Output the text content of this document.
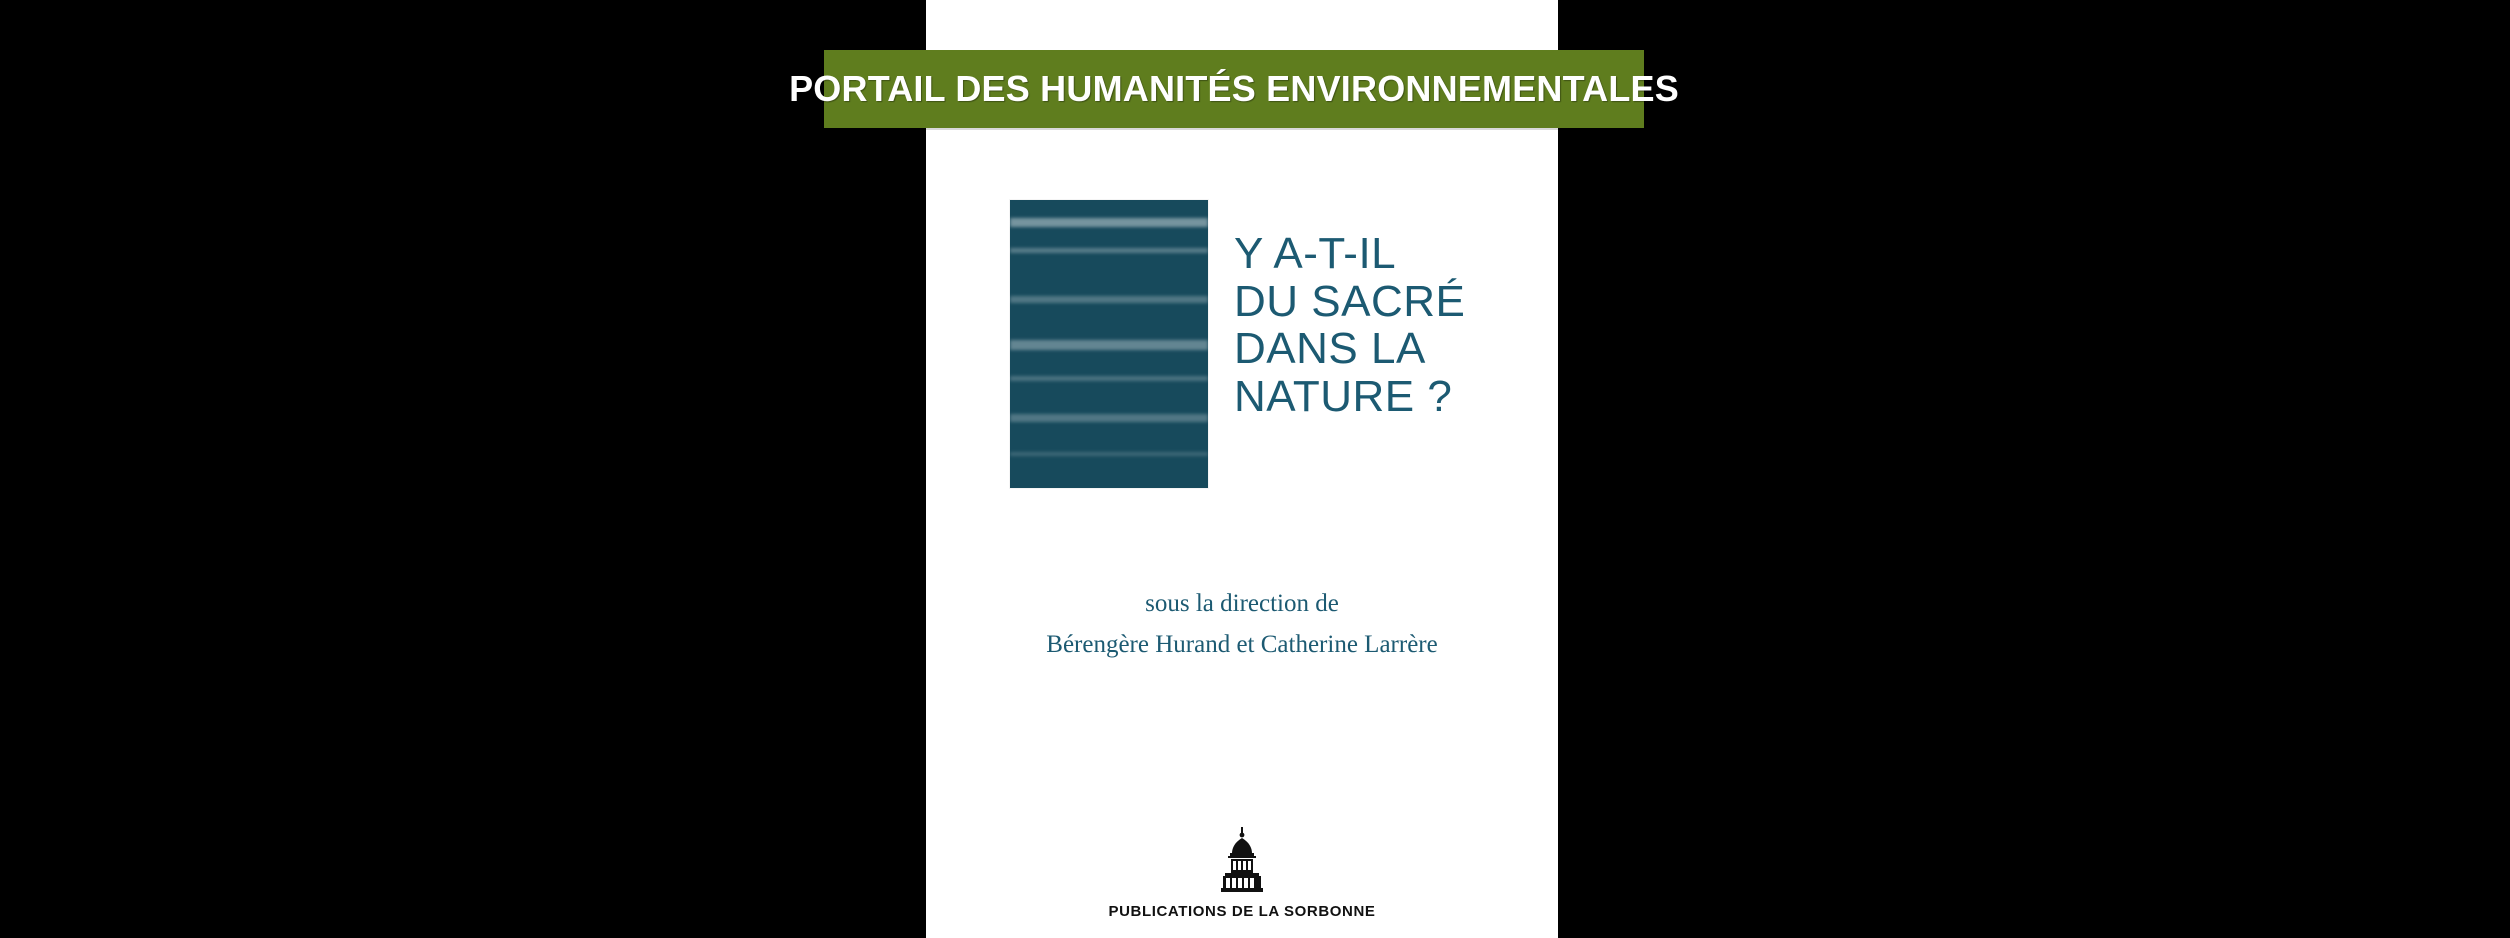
Y A-T-IL
DU SACRÉ
DANS LA
NATURE ?
sous la direction de
Bérengère Hurand et Catherine Larrère
PUBLICATIONS DE LA SORBONNE
PORTAIL DES HUMANITÉS ENVIRONNEMENTALES
